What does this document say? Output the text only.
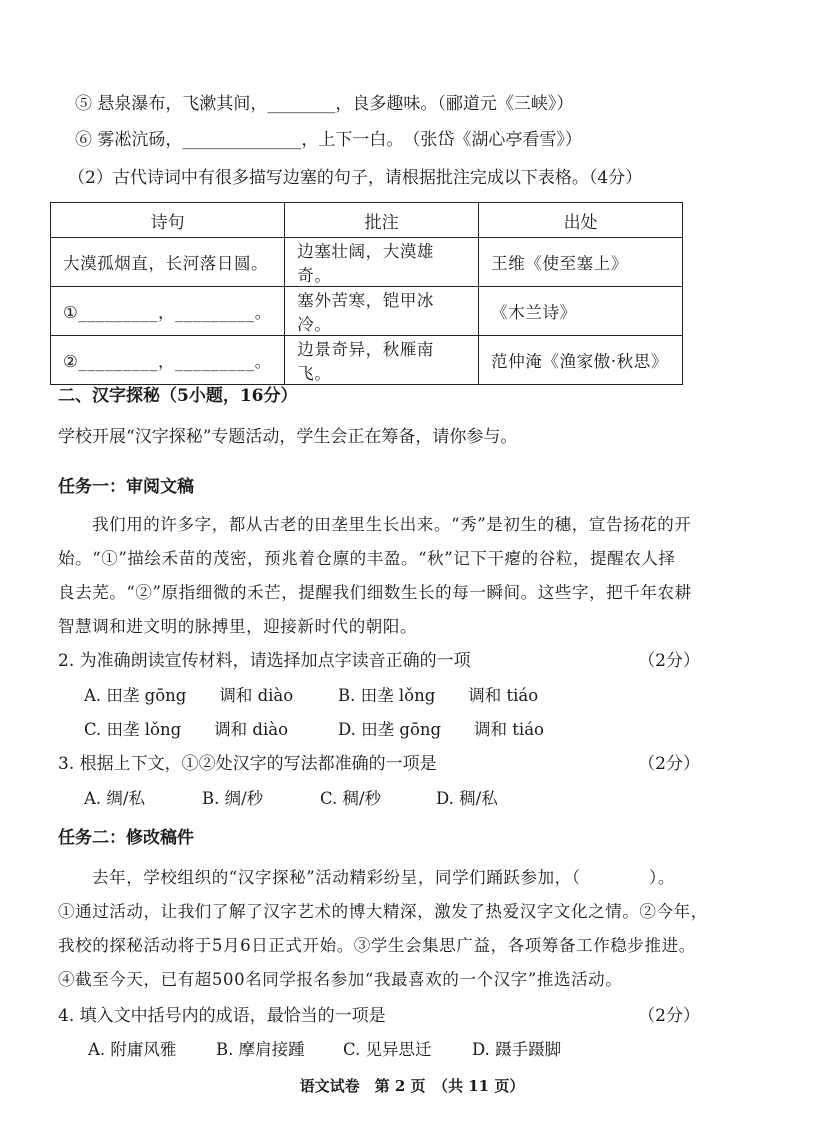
⑤ 悬泉瀑布，飞漱其间，________，良多趣味。（郦道元《三峡》）
⑥ 雾凇沆砀，______________，上下一白。　（张岱《湖心亭看雪》）
（2）古代诗词中有很多描写边塞的句子，请根据批注完成以下表格。（4分）
诗句	批注	出处
大漠孤烟直，长河落日圆。	边塞壮阔，大漠雄奇。	王维《使至塞上》
①_________，_________。	塞外苦寒，铠甲冰冷。	《木兰诗》
②_________，_________。	边景奇异，秋雁南飞。	范仲淹《渔家傲·秋思》
二、汉字探秘（5小题，16分）
学校开展“汉字探秘”专题活动，学生会正在筹备，请你参与。
任务一：审阅文稿
我们用的许多字，都从古老的田垄里生长出来。“秀”是初生的穗，宣告扬花的开
始。“①”描绘禾苗的茂密，预兆着仓廪的丰盈。“秋”记下干瘪的谷粒，提醒农人择
良去芜。“②”原指细微的禾芒，提醒我们细数生长的每一瞬间。这些字，把千年农耕
智慧调和进文明的脉搏里，迎接新时代的朝阳。
2. 为准确朗读宣传材料，请选择加点字读音正确的一项	（2分）
A. 田垄 gōng　　调和 diào	B. 田垄 lǒng　　调和 tiáo
C. 田垄 lǒng　　调和 diào	D. 田垄 gōng　　调和 tiáo
3. 根据上下文，①②处汉字的写法都准确的一项是	（2分）
A. 绸/私	B. 绸/秒	C. 稠/秒	D. 稠/私
任务二：修改稿件
去年，学校组织的“汉字探秘”活动精彩纷呈，同学们踊跃参加，（　　　　）。
①通过活动，让我们了解了汉字艺术的博大精深，激发了热爱汉字文化之情。②今年，
我校的探秘活动将于5月6日正式开始。③学生会集思广益，各项筹备工作稳步推进。
④截至今天，已有超500名同学报名参加“我最喜欢的一个汉字”推选活动。
4. 填入文中括号内的成语，最恰当的一项是	（2分）
A. 附庸风雅 B. 摩肩接踵 C. 见异思迁 D. 蹑手蹑脚
语文试卷　第 2 页　（共 11 页）
